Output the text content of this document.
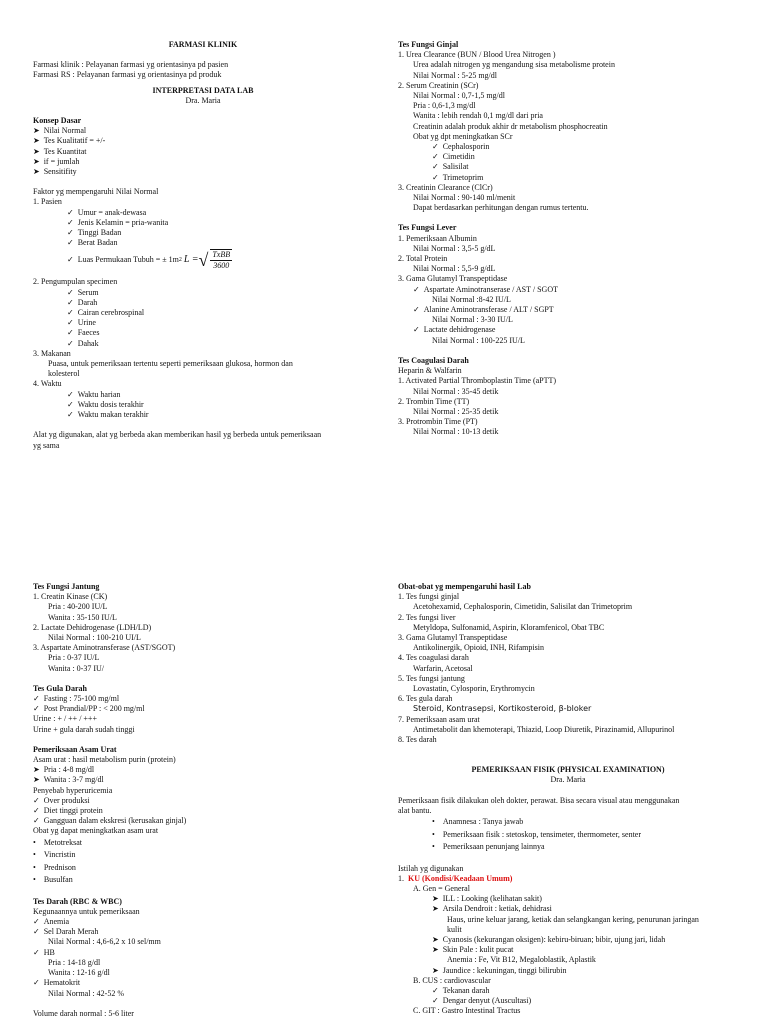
FARMASI KLINIK
Farmasi klinik : Pelayanan farmasi yg orientasinya pd pasien
Farmasi RS : Pelayanan farmasi yg orientasinya pd produk
INTERPRETASI DATA LAB
Dra. Maria
Konsep Dasar
➤  Nilai Normal
➤  Tes Kualitatif = +/-
➤  Tes Kuantitat
➤  if = jumlah
➤  Sensitifity
Faktor yg mempengaruhi Nilai Normal
1. Pasien
✓  Umur = anak-dewasa
✓  Jenis Kelamin = pria-wanita
✓  Tinggi Badan
✓  Berat Badan
✓ Luas Permukaan Tubuh = ± 1m 2
L = √ $\frac{\text{TxBB}}{3600}$
2. Pengumpulan specimen
✓  Serum
✓  Darah
✓  Cairan cerebrospinal
✓  Urine
✓  Faeces
✓  Dahak
3. Makanan
Puasa, untuk pemeriksaan tertentu seperti pemeriksaan glukosa, hormon dan
kolesterol
4. Waktu
✓  Waktu harian
✓  Waktu dosis terakhir
✓  Waktu makan terakhir
Alat yg digunakan, alat yg berbeda akan memberikan hasil yg berbeda untuk pemeriksaan
yg sama
Tes Fungsi Ginjal
1. Urea Clearance (BUN / Blood Urea Nitrogen )
Urea adalah nitrogen yg mengandung sisa metabolisme protein
Nilai Normal : 5-25 mg/dl
2. Serum Creatinin (SCr)
Nilai Normal : 0,7-1,5 mg/dl
Pria : 0,6-1,3 mg/dl
Wanita : lebih rendah 0,1 mg/dl dari pria
Creatinin adalah produk akhir dr metabolism phosphocreatin
Obat yg dpt meningkatkan SCr
✓  Cephalosporin
✓  Cimetidin
✓  Salisilat
✓  Trimetoprim
3. Creatinin Clearance (ClCr)
Nilai Normal : 90-140 ml/menit
Dapat berdasarkan perhitungan dengan rumus tertentu.
Tes Fungsi Lever
1. Pemeriksaan Albumin
Nilai Normal : 3,5-5 g/dL
2. Total Protein
Nilai Normal : 5,5-9 g/dL
3. Gama Glutamyl Transpeptidase
✓  Aspartate Aminotranserase / AST / SGOT
Nilai Normal :8-42 IU/L
✓  Alanine Aminotransferase / ALT / SGPT
Nilai Normal : 3-30 IU/L
✓  Lactate dehidrogenase
Nilai Normal : 100-225 IU/L
Tes Coagulasi Darah
Heparin & Walfarin
1. Activated Partial Thromboplastin Time (aPTT)
Nilai Normal : 35-45 detik
2. Trombin Time (TT)
Nilai Normal : 25-35 detik
3. Protrombin Time (PT)
Nilai Normal : 10-13 detik
Tes Fungsi Jantung
1. Creatin Kinase (CK)
Pria : 40-200 IU/L
Wanita : 35-150 IU/L
2. Lactate Dehidrogenase (LDH/LD)
Nilai Normal : 100-210 UI/L
3. Aspartate Aminotransferase (AST/SGOT)
Pria : 0-37 IU/L
Wanita : 0-37 IU/
Tes Gula Darah
✓  Fasting : 75-100 mg/ml
✓  Post Prandial/PP : < 200 mg/ml
Urine : + / ++ / +++
Urine + gula darah sudah tinggi
Pemeriksaan Asam Urat
Asam urat : hasil metabolism purin (protein)
➤  Pria : 4-8 mg/dl
➤  Wanita : 3-7 mg/dl
Penyebab hyperuricemia
✓  Over produksi
✓  Diet tinggi protein
✓  Gangguan dalam ekskresi (kerusakan ginjal)
Obat yg dapat meningkatkan asam urat
•    Metotreksat
•    Vincristin
•    Prednison
•    Busulfan
Tes Darah (RBC & WBC)
Kegunaannya untuk pemeriksaan
✓  Anemia
✓  Sel Darah Merah
Nilai Normal : 4,6-6,2 x 10 sel/mm
✓  HB
Pria : 14-18 g/dl
Wanita : 12-16 g/dl
✓  Hematokrit
Nilai Normal : 42-52 %
Volume darah normal : 5-6 liter
Obat-obat yg mempengaruhi hasil Lab
1. Tes fungsi ginjal
Acetohexamid, Cephalosporin, Cimetidin, Salisilat dan Trimetoprim
2. Tes fungsi liver
Metyldopa, Sulfonamid, Aspirin, Kloramfenicol, Obat TBC
3. Gama Glutamyl Transpeptidase
Antikolinergik, Opioid, INH, Rifampisin
4. Tes coagulasi darah
Warfarin, Acetosal
5. Tes fungsi jantung
Lovastatin, Cylosporin, Erythromycin
6. Tes gula darah
Steroid, Kontrasepsi, Kortikosteroid, β-bloker
7. Pemeriksaan asam urat
Antimetabolit dan khemoterapi, Thiazid, Loop Diuretik, Pirazinamid, Allupurinol
8. Tes darah
PEMERIKSAAN FISIK (PHYSICAL EXAMINATION)
Dra. Maria
Pemeriksaan fisik dilakukan oleh dokter, perawat. Bisa secara visual atau menggunakan
alat bantu.
•    Anamnesa : Tanya jawab
•    Pemeriksaan fisik : stetoskop, tensimeter, thermometer, senter
•    Pemeriksaan penunjang lainnya
Istilah yg digunakan
1. KU (Kondisi/Keadaan Umum)
A. Gen = General
➤  ILL : Looking (kelihatan sakit)
➤  Arsila Dendroit : ketiak, dehidrasi
Haus, urine keluar jarang, ketiak dan selangkangan kering, penurunan jaringan
kulit
➤  Cyanosis (kekurangan oksigen): kebiru-biruan; bibir, ujung jari, lidah
➤  Skin Pale : kulit pucat
Anemia : Fe, Vit B12, Megaloblastik, Aplastik
➤  Jaundice : kekuningan, tinggi bilirubin
B. CUS : cardiovascular
✓  Tekanan darah
✓  Dengar denyut (Auscultasi)
C. GIT : Gastro Intestinal Tractus
